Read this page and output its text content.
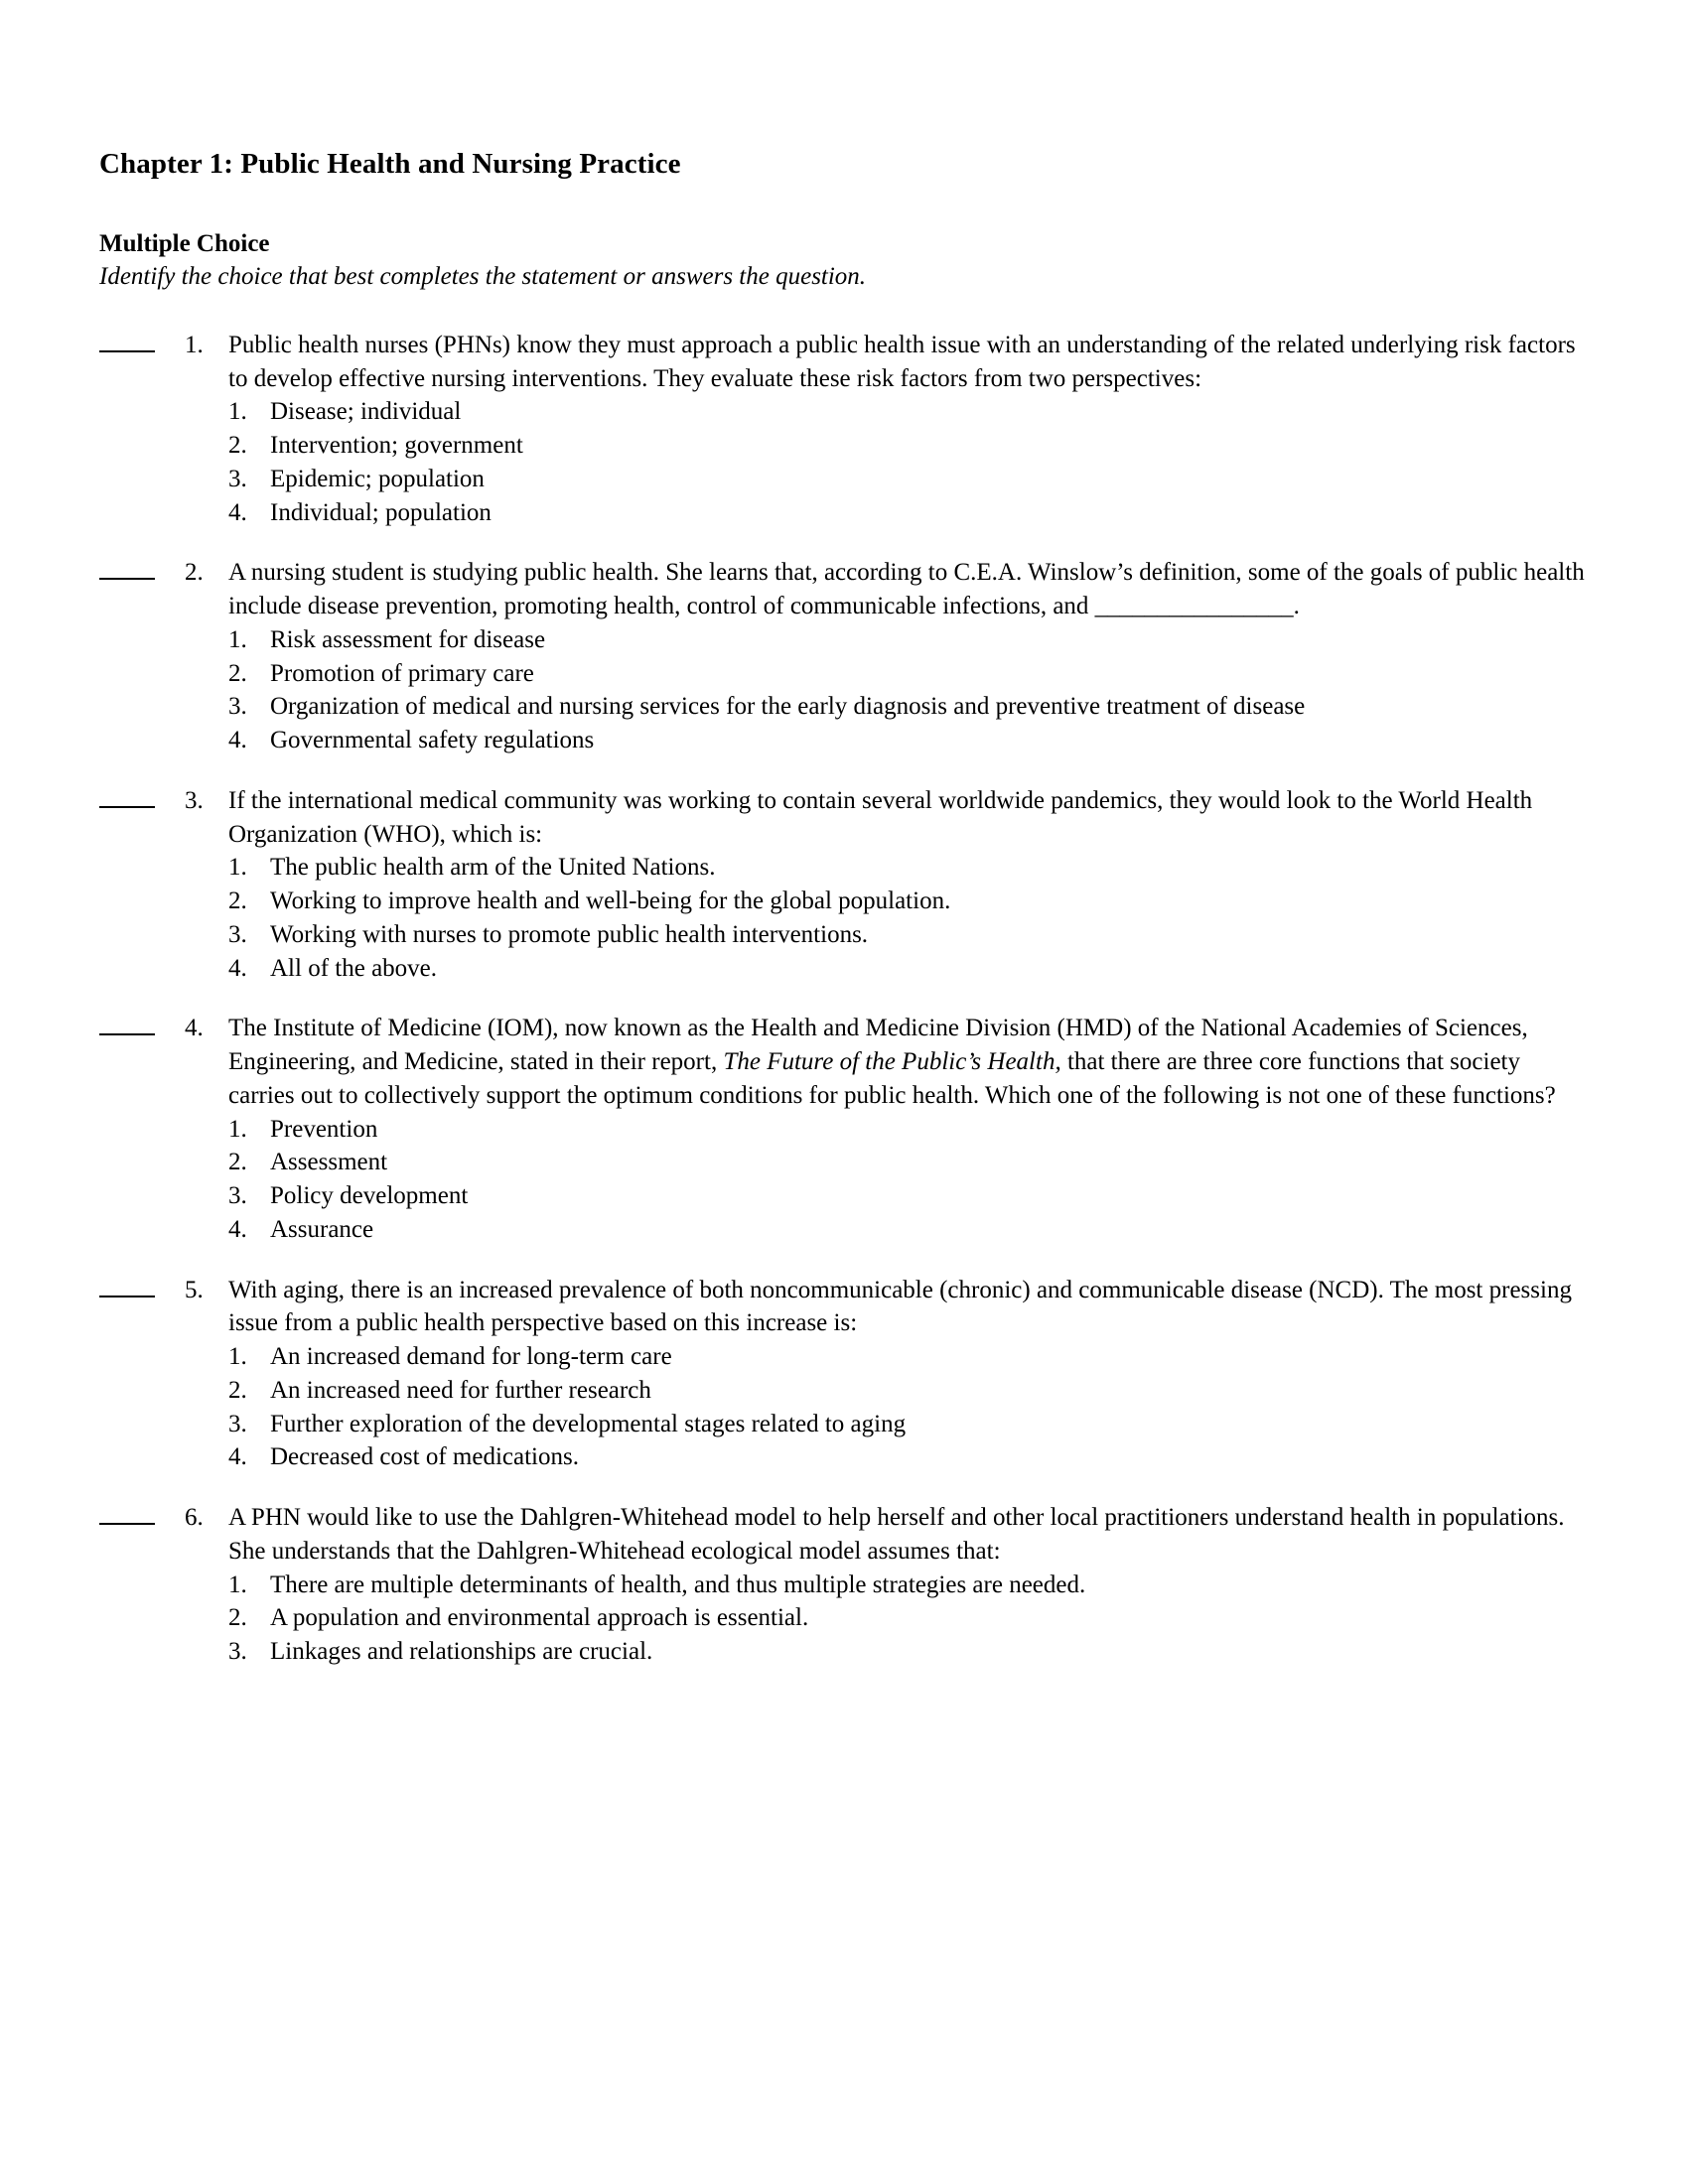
Chapter 1: Public Health and Nursing Practice
Multiple Choice
Identify the choice that best completes the statement or answers the question.
1.	Public health nurses (PHNs) know they must approach a public health issue with an understanding of the related underlying risk factors to develop effective nursing interventions. They evaluate these risk factors from two perspectives:

1. Disease; individual
2. Intervention; government
3. Epidemic; population
4. Individual; population
2.	A nursing student is studying public health. She learns that, according to C.E.A. Winslow’s definition, some of the goals of public health include disease prevention, promoting health, control of communicable infections, and ________________.

1. Risk assessment for disease
2. Promotion of primary care
3. Organization of medical and nursing services for the early diagnosis and preventive treatment of disease
4. Governmental safety regulations
3.	If the international medical community was working to contain several worldwide pandemics, they would look to the World Health Organization (WHO), which is:

1. The public health arm of the United Nations.
2. Working to improve health and well-being for the global population.
3. Working with nurses to promote public health interventions.
4. All of the above.
4.	The Institute of Medicine (IOM), now known as the Health and Medicine Division (HMD) of the National Academies of Sciences, Engineering, and Medicine, stated in their report, The Future of the Public’s Health, that there are three core functions that society carries out to collectively support the optimum conditions for public health. Which one of the following is not one of these functions?

1. Prevention
2. Assessment
3. Policy development
4. Assurance
5.	With aging, there is an increased prevalence of both noncommunicable (chronic) and communicable disease (NCD). The most pressing issue from a public health perspective based on this increase is:

1. An increased demand for long-term care
2. An increased need for further research
3. Further exploration of the developmental stages related to aging
4. Decreased cost of medications.
6.	A PHN would like to use the Dahlgren-Whitehead model to help herself and other local practitioners understand health in populations. She understands that the Dahlgren-Whitehead ecological model assumes that:

1. There are multiple determinants of health, and thus multiple strategies are needed.
2. A population and environmental approach is essential.
3. Linkages and relationships are crucial.
